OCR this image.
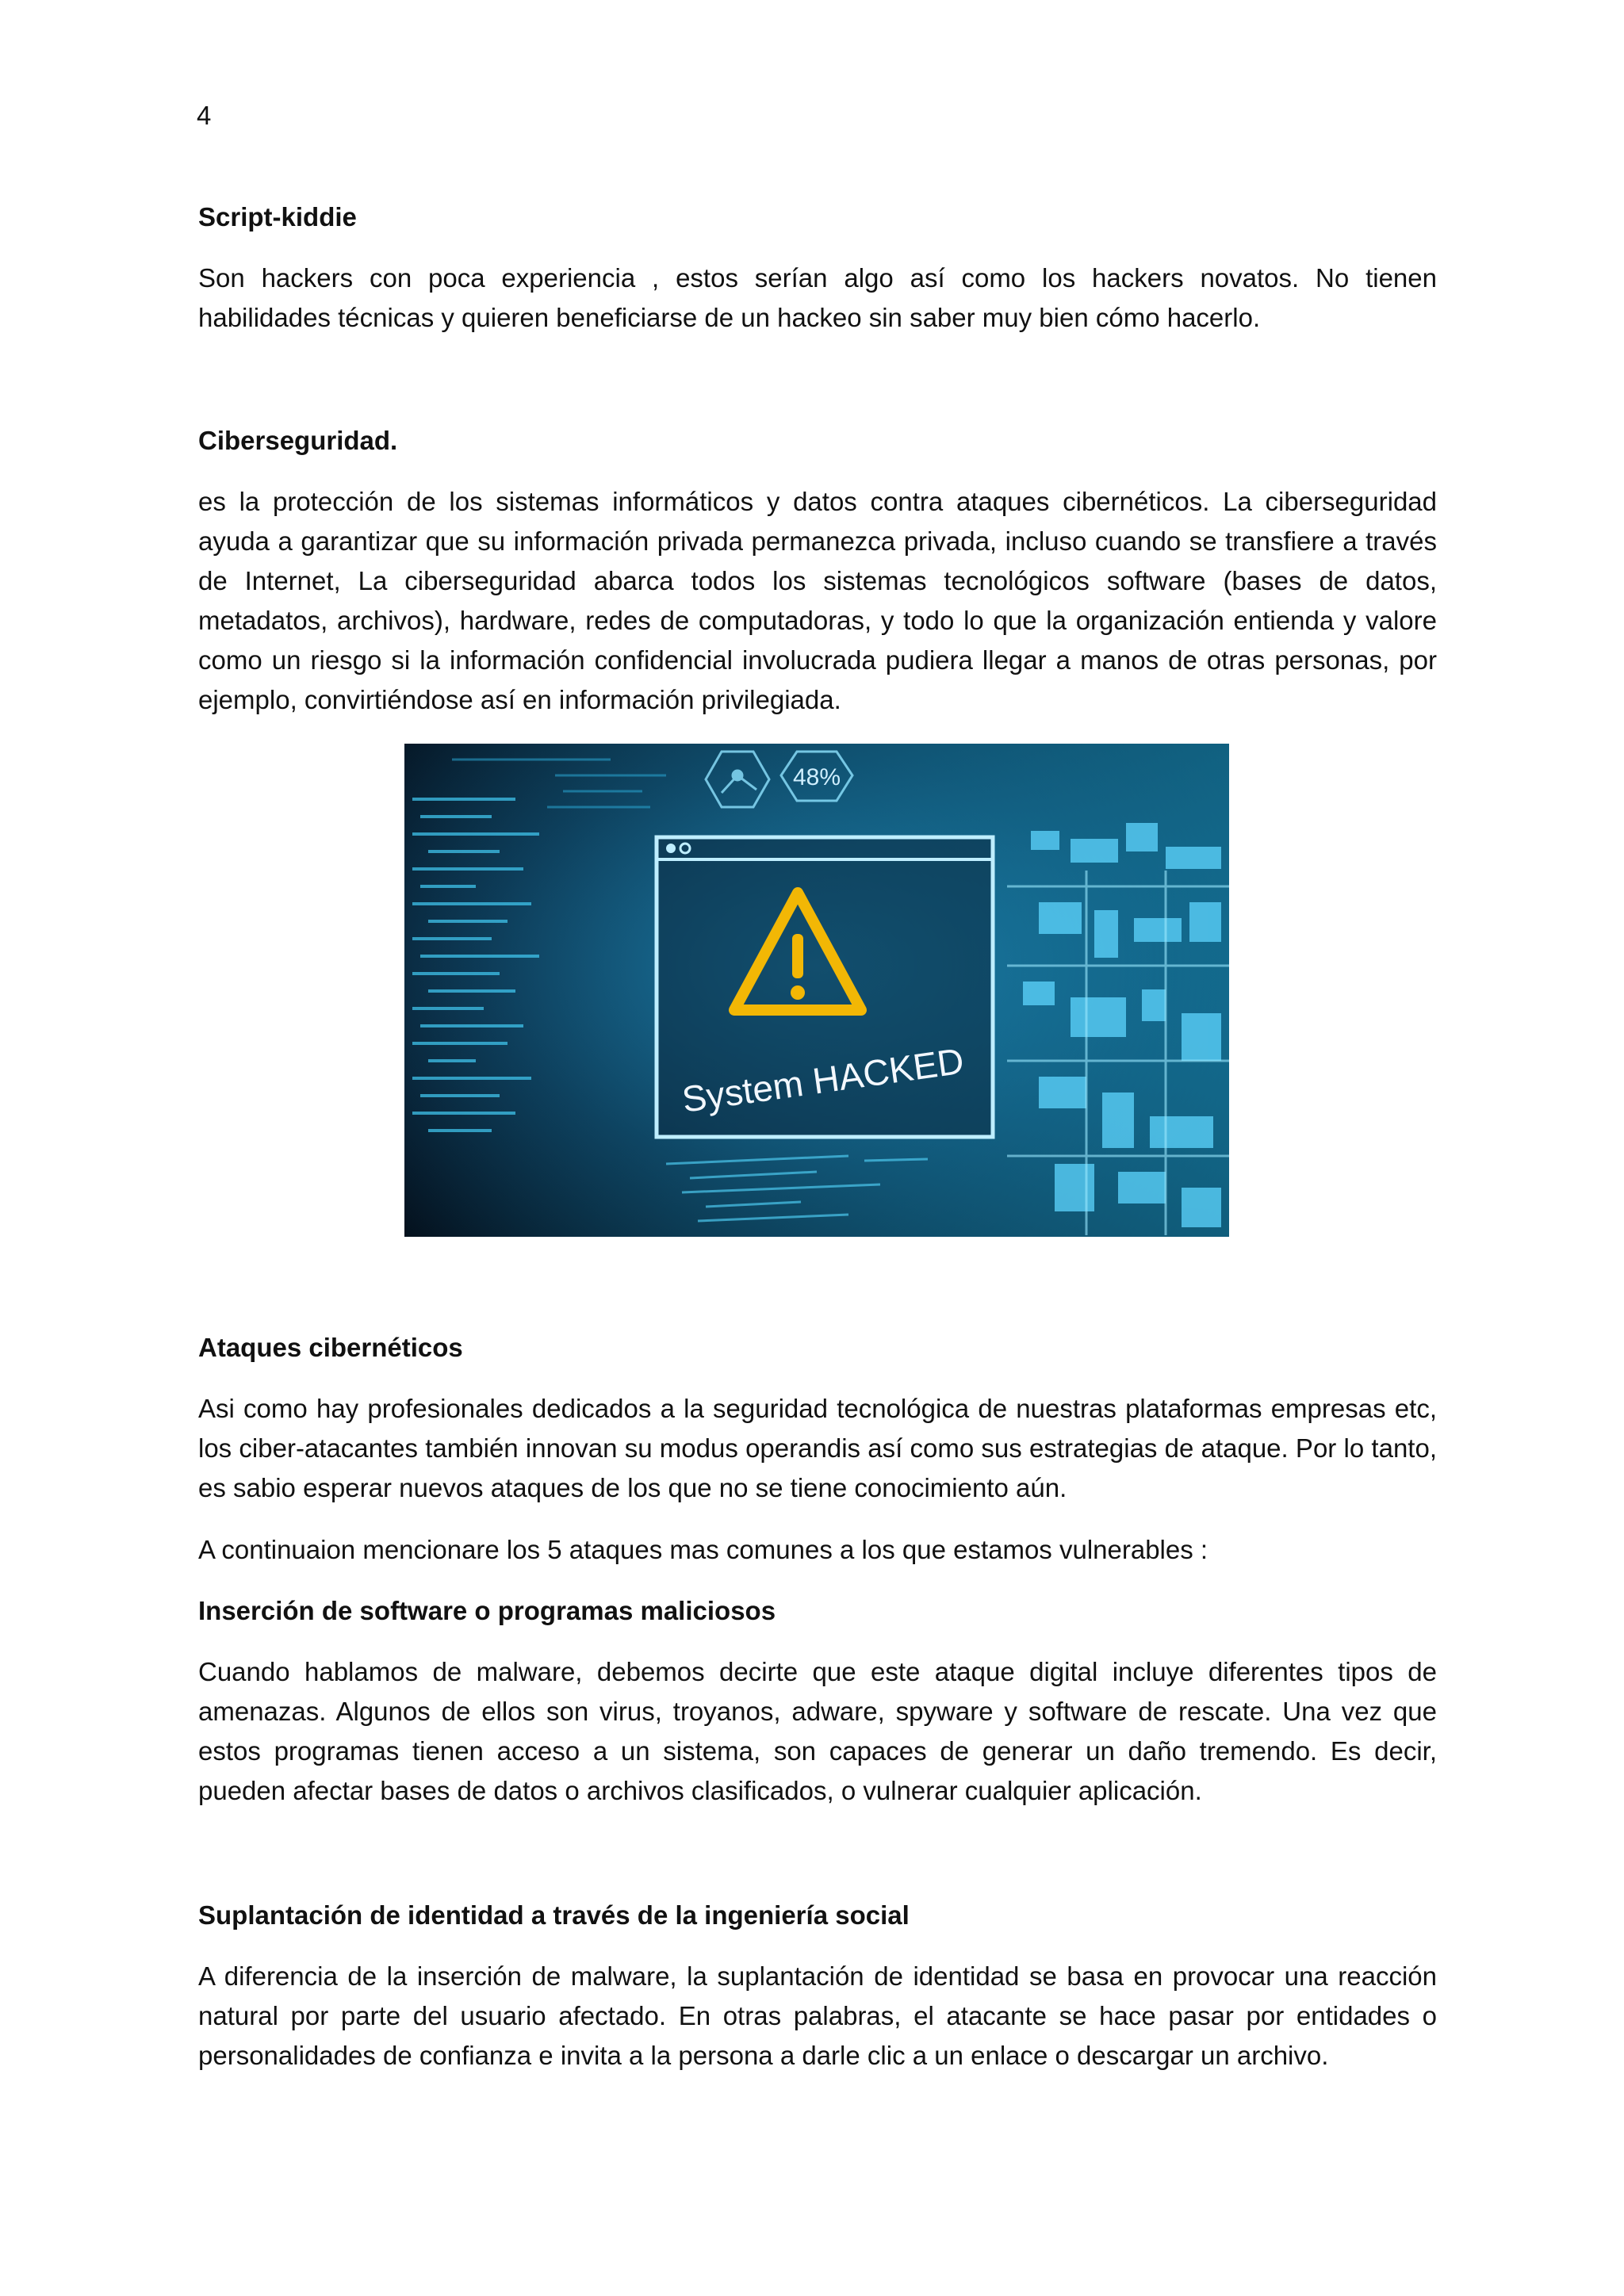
4
Script-kiddie
Son hackers con poca experiencia , estos serían algo así como los hackers novatos. No tienen habilidades técnicas y quieren beneficiarse de un hackeo sin saber muy bien cómo hacerlo.
Ciberseguridad.
es la protección de los sistemas informáticos y datos contra ataques cibernéticos. La ciberseguridad ayuda a garantizar que su información privada permanezca privada, incluso cuando se transfiere a través de Internet, La ciberseguridad abarca todos los sistemas tecnológicos software (bases de datos, metadatos, archivos), hardware, redes de computadoras, y todo lo que la organización entienda y valore como un riesgo si la información confidencial involucrada pudiera llegar a manos de otras personas, por ejemplo, convirtiéndose así en información privilegiada.
48%
System HACKED
Ataques cibernéticos
Asi como hay profesionales dedicados a la seguridad tecnológica de nuestras plataformas empresas etc, los ciber-atacantes también innovan su modus operandis así como sus estrategias de ataque. Por lo tanto, es sabio esperar nuevos ataques de los que no se tiene conocimiento aún.
A continuaion mencionare los 5 ataques mas comunes a los que estamos vulnerables :
Inserción de software o programas maliciosos
Cuando hablamos de malware, debemos decirte que este ataque digital incluye diferentes tipos de amenazas. Algunos de ellos son virus, troyanos, adware, spyware y software de rescate. Una vez que estos programas tienen acceso a un sistema, son capaces de generar un daño tremendo. Es decir, pueden afectar bases de datos o archivos clasificados, o vulnerar cualquier aplicación.
Suplantación de identidad a través de la ingeniería social
A diferencia de la inserción de malware, la suplantación de identidad se basa en provocar una reacción natural por parte del usuario afectado. En otras palabras, el atacante se hace pasar por entidades o personalidades de confianza e invita a la persona a darle clic a un enlace o descargar un archivo.
